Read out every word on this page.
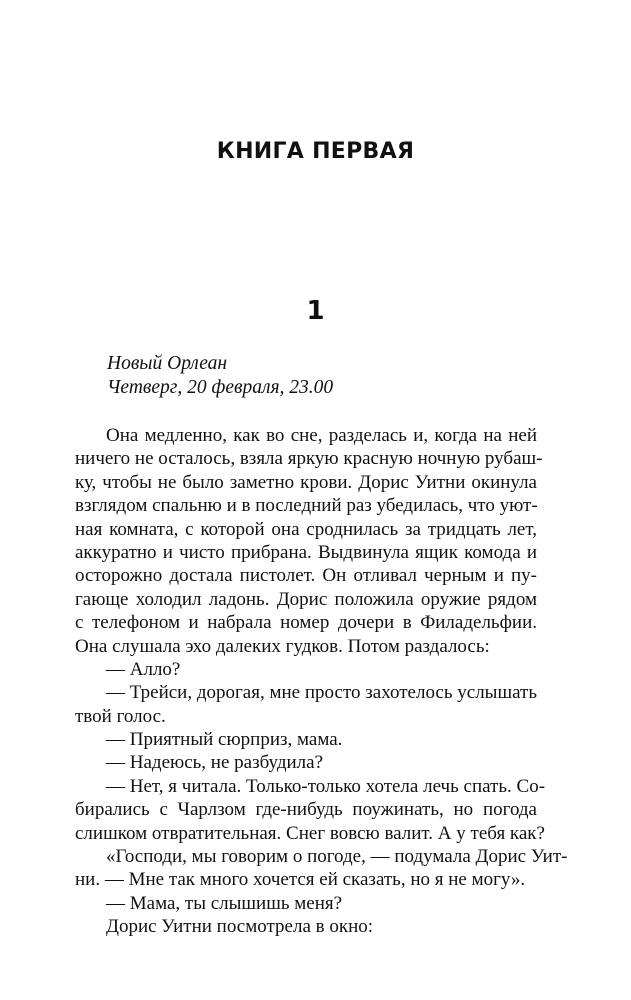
КНИГА ПЕРВАЯ
1
Новый Орлеан
Четверг, 20 февраля, 23.00
Она медленно, как во сне, разделась и, когда на ней
ничего не осталось, взяла яркую красную ночную рубаш-
ку, чтобы не было заметно крови. Дорис Уитни окинула
взглядом спальню и в последний раз убедилась, что уют-
ная комната, с которой она сроднилась за тридцать лет,
аккуратно и чисто прибрана. Выдвинула ящик комода и
осторожно достала пистолет. Он отливал черным и пу-
гающе холодил ладонь. Дорис положила оружие рядом
с телефоном и набрала номер дочери в Филадельфии.
Она слушала эхо далеких гудков. Потом раздалось:
— Алло?
— Трейси, дорогая, мне просто захотелось услышать
твой голос.
— Приятный сюрприз, мама.
— Надеюсь, не разбудила?
— Нет, я читала. Только-только хотела лечь спать. Со-
бирались с Чарлзом где-нибудь поужинать, но погода
слишком отвратительная. Снег вовсю валит. А у тебя как?
«Господи, мы говорим о погоде, — подумала Дорис Уит-
ни. — Мне так много хочется ей сказать, но я не могу».
— Мама, ты слышишь меня?
Дорис Уитни посмотрела в окно:
